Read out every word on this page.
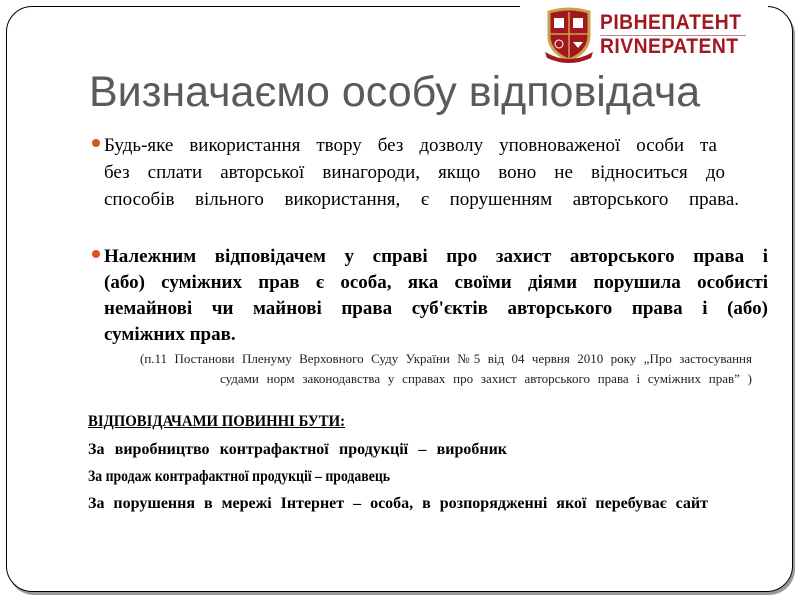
РІВНЕПАТЕНТ
RIVNEPATENT
Визначаємо особу відповідача
Будь-яке використання твору без дозволу уповноваженої особи та
без сплати авторської винагороди, якщо воно не відноситься до
способів вільного використання, є порушенням авторського права.
Належним відповідачем у справі про захист авторського права і
(або) суміжних прав є особа, яка своїми діями порушила особисті
немайнові чи майнові права суб'єктів авторського права і (або)
суміжних прав.
(п.11 Постанови Пленуму Верховного Суду України №5 від 04 червня 2010 року „Про застосування
судами норм законодавства у справах про захист авторського права і суміжних прав” )
ВІДПОВІДАЧАМИ ПОВИННІ БУТИ:
За виробництво контрафактної продукції – виробник
За продаж контрафактної продукції – продавець
За порушення в мережі Інтернет – особа, в розпорядженні якої перебуває сайт
